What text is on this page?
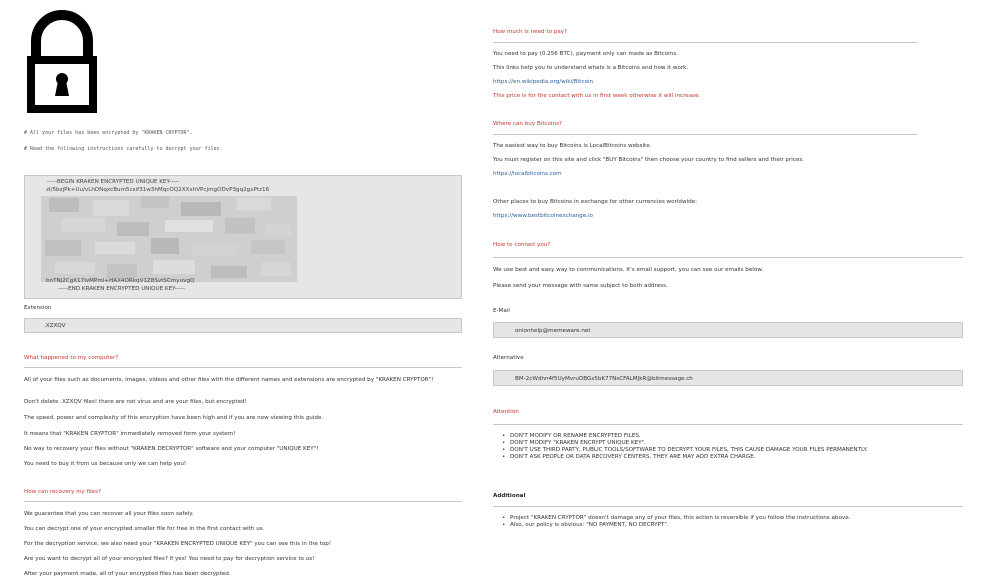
# All your files has been encrypted by "KRAKEN CRYPTOR".
# Read the following instructions carefully to decrypt your files.
-----BEGIN KRAKEN ENCRYPTED UNIQUE KEY-----
zI/5bzjPk+Uu/vLhDNqxcBum5csif31w3hMqcOQ2XXxhVPcjmgODvP3gq2gxPtz16
bnTNj2CgX17IvMPml+HAX4ORkqV1Z8SvtSCmyuvgQ
-----END KRAKEN ENCRYPTED UNIQUE KEY-----
Extension
.XZXQV
What happened to my computer?
All of your files such as documents, images, videos and other files with the different names and extensions are encrypted by "KRAKEN CRYPTOR"!
Don't delete .XZXQV files! there are not virus and are your files, but encrypted!
The speed, power and complexity of this encryption have been high and if you are now viewing this guide.
It means that "KRAKEN CRYPTOR" immediately removed form your system!
No way to recovery your files without "KRAKEN DECRYPTOR" software and your computer "UNIQUE KEY"!
You need to buy it from us because only we can help you!
How can recovery my files?
We guarantee that you can recover all your files soon safely.
You can decrypt one of your encrypted smaller file for free in the first contact with us.
For the decryption service, we also need your "KRAKEN ENCRYPTED UNIQUE KEY" you can see this in the top!
Are you want to decrypt all of your encrypted files? If yes! You need to pay for decryption service to us!
After your payment made, all of your encrypted files has been decrypted.
How much is need to pay?
You need to pay (0.256 BTC), payment only can made as Bitcoins.
This links help you to understand whats is a Bitcoins and how it work.
https://en.wikipedia.org/wiki/Bitcoin
This price is for the contact with us in first week otherwise it will increase.
Where can buy Bitcoins?
The easiest way to buy Bitcoins is LocalBitcoins website.
You must register on this site and click "BUY Bitcoins" then choose your country to find sellers and their prices.
https://localbitcoins.com
Other places to buy Bitcoins in exchange for other currencies worldwide:
https://www.bestbitcoinexchange.io
How to contact you?
We use best and easy way to communications. It's email support, you can see our emails below.
Please send your message with same subject to both address.
E-Mail
onionhelp@memeware.net
Alternative
BM-2cWdhn4f5UyMvruDBGs5bK77NsCFALMJkR@bitmessage.ch
Attention
• DON'T MODIFY OR RENAME ENCRYPTED FILES.
• DON'T MODIFY "KRAKEN ENCRYPT UNIQUE KEY".
• DON'T USE THIRD PARTY, PUBLIC TOOLS/SOFTWARE TO DECRYPT YOUR FILES, THIS CAUSE DAMAGE YOUR FILES PERMANENTLY.
• DON'T ASK PEOPLE OR DATA RECOVERY CENTERS, THEY ARE MAY ADD EXTRA CHARGE.
Additional
• Project "KRAKEN CRYPTOR" doesn't damage any of your files, this action is reversible if you follow the instructions above.
• Also, our policy is obvious: "NO PAYMENT, NO DECRYPT".
